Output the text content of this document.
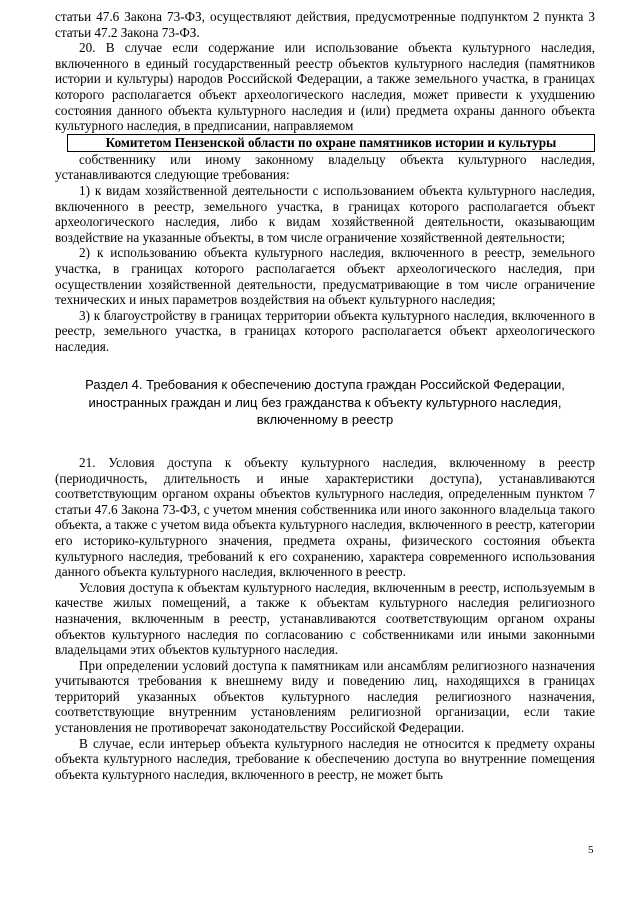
статьи 47.6 Закона 73-ФЗ, осуществляют действия, предусмотренные подпунктом 2 пункта 3 статьи 47.2 Закона 73-ФЗ.

20. В случае если содержание или использование объекта культурного наследия, включенного в единый государственный реестр объектов культурного наследия (памятников истории и культуры) народов Российской Федерации, а также земельного участка, в границах которого располагается объект археологического наследия, может привести к ухудшению состояния данного объекта культурного наследия и (или) предмета охраны данного объекта культурного наследия, в предписании, направляемом

Комитетом Пензенской области по охране памятников истории и культуры

собственнику или иному законному владельцу объекта культурного наследия, устанавливаются следующие требования:

1) к видам хозяйственной деятельности с использованием объекта культурного наследия, включенного в реестр, земельного участка, в границах которого располагается объект археологического наследия, либо к видам хозяйственной деятельности, оказывающим воздействие на указанные объекты, в том числе ограничение хозяйственной деятельности;

2) к использованию объекта культурного наследия, включенного в реестр, земельного участка, в границах которого располагается объект археологического наследия, при осуществлении хозяйственной деятельности, предусматривающие в том числе ограничение технических и иных параметров воздействия на объект культурного наследия;

3) к благоустройству в границах территории объекта культурного наследия, включенного в реестр, земельного участка, в границах которого располагается объект археологического наследия.

Раздел 4. Требования к обеспечению доступа граждан Российской Федерации, иностранных граждан и лиц без гражданства к объекту культурного наследия, включенному в реестр

21. Условия доступа к объекту культурного наследия, включенному в реестр (периодичность, длительность и иные характеристики доступа), устанавливаются соответствующим органом охраны объектов культурного наследия, определенным пунктом 7 статьи 47.6 Закона 73-ФЗ, с учетом мнения собственника или иного законного владельца такого объекта, а также с учетом вида объекта культурного наследия, включенного в реестр, категории его историко-культурного значения, предмета охраны, физического состояния объекта культурного наследия, требований к его сохранению, характера современного использования данного объекта культурного наследия, включенного в реестр.

Условия доступа к объектам культурного наследия, включенным в реестр, используемым в качестве жилых помещений, а также к объектам культурного наследия религиозного назначения, включенным в реестр, устанавливаются соответствующим органом охраны объектов культурного наследия по согласованию с собственниками или иными законными владельцами этих объектов культурного наследия.

При определении условий доступа к памятникам или ансамблям религиозного назначения учитываются требования к внешнему виду и поведению лиц, находящихся в границах территорий указанных объектов культурного наследия религиозного назначения, соответствующие внутренним установлениям религиозной организации, если такие установления не противоречат законодательству Российской Федерации.

В случае, если интерьер объекта культурного наследия не относится к предмету охраны объекта культурного наследия, требование к обеспечению доступа во внутренние помещения объекта культурного наследия, включенного в реестр, не может быть

5
